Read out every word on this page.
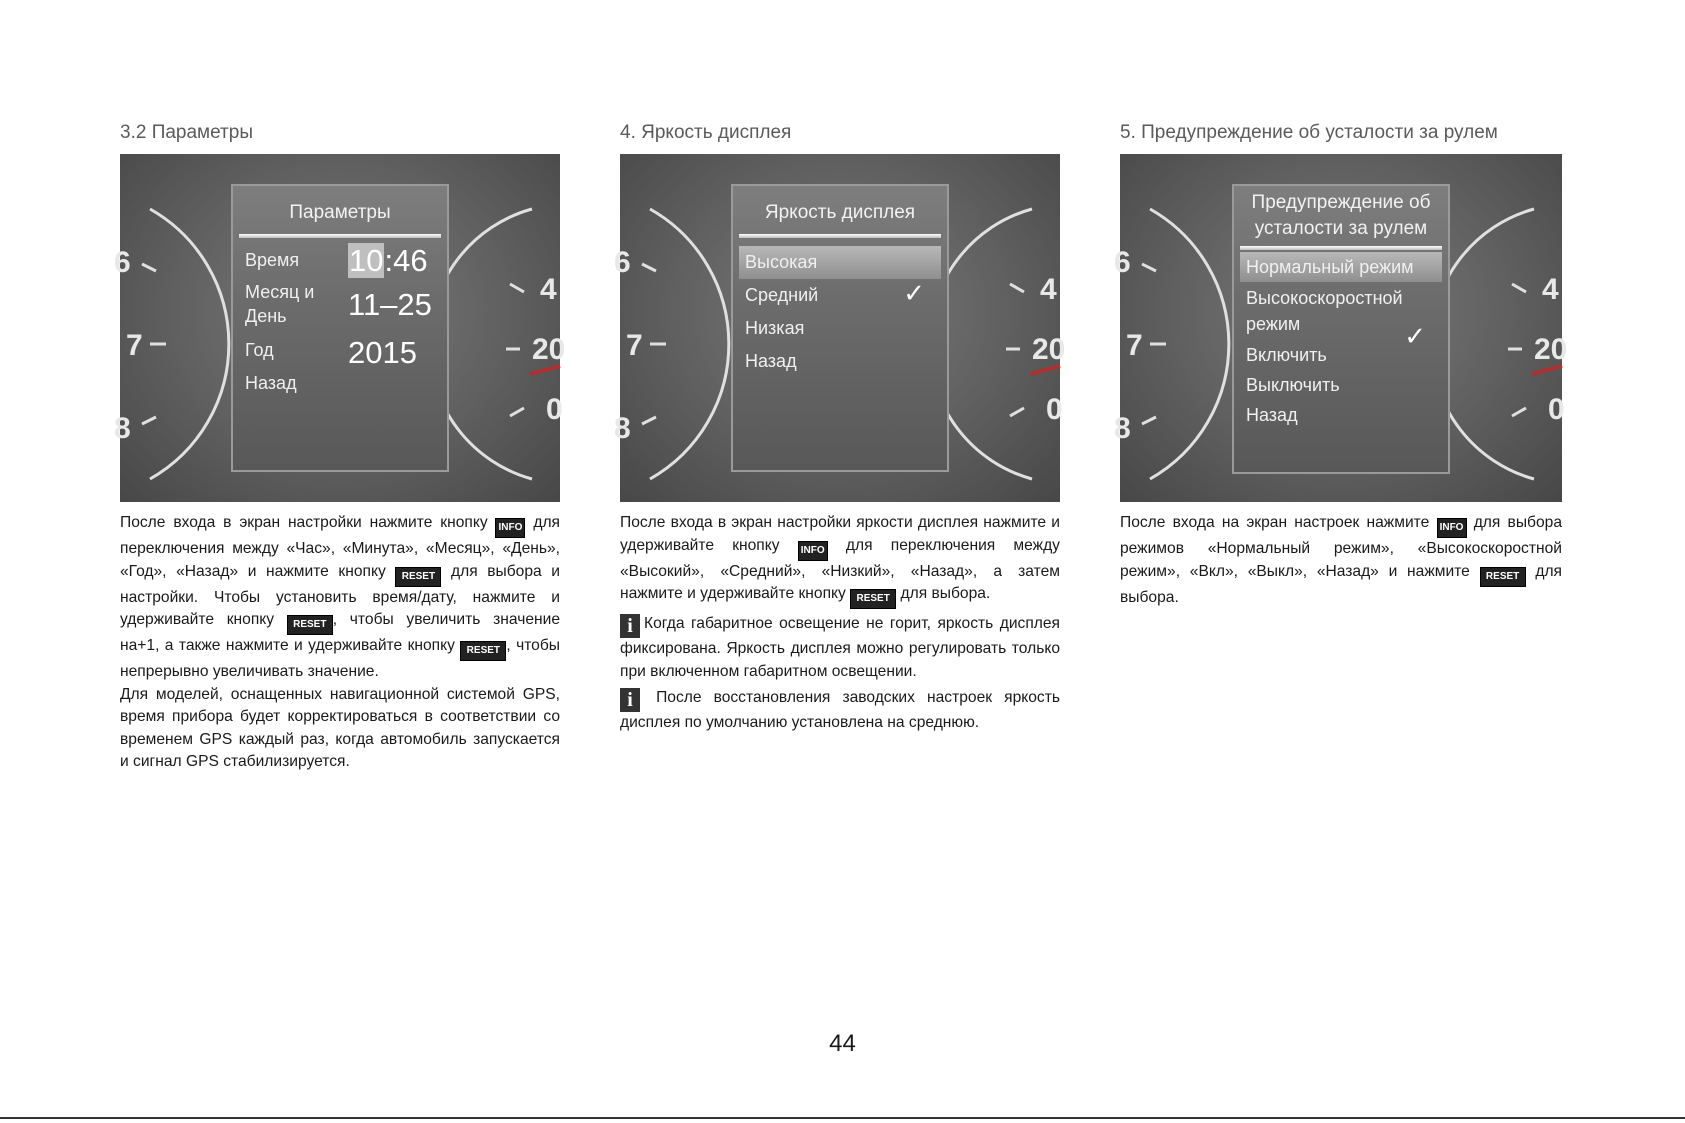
3.2 Параметры
6
7
8
4
20
0
Параметры
Время
Месяц и
День
Год
Назад
10:46
11–25
2015

После входа в экран настройки нажмите кнопку INFO для переключения между «Час», «Минута», «Месяц», «День», «Год», «Назад» и нажмите кнопку RESET для выбора и настройки. Чтобы установить время/дату, нажмите и удерживайте кнопку RESET , чтобы увеличить значение на+1, а также нажмите и удерживайте кнопку RESET , чтобы непрерывно увеличивать значение.

Для моделей, оснащенных навигационной системой GPS, время прибора будет корректироваться в соответствии со временем GPS каждый раз, когда автомобиль запускается и сигнал GPS стабилизируется.

4. Яркость дисплея
6
7
8
4
20
0
Яркость дисплея
Высокая
Средний	✓
Низкая
Назад

После входа в экран настройки яркости дисплея нажмите и удерживайте кнопку INFO для переключения между «Высокий», «Средний», «Низкий», «Назад», а затем нажмите и удерживайте кнопку RESET для выбора.

i Когда габаритное освещение не горит, яркость дисплея фиксирована. Яркость дисплея можно регулировать только при включенном габаритном освещении.

i После восстановления заводских настроек яркость дисплея по умолчанию установлена на среднюю.

5. Предупреждение об усталости за рулем
6
7
8
4
20
0
Предупреждение об
усталости за рулем
Нормальный режим
Высокоскоростной
режим
Включить
✓
Выключить
Назад

После входа на экран настроек нажмите INFO для выбора режимов «Нормальный режим», «Высокоскоростной режим», «Вкл», «Выкл», «Назад» и нажмите RESET для выбора.

44
